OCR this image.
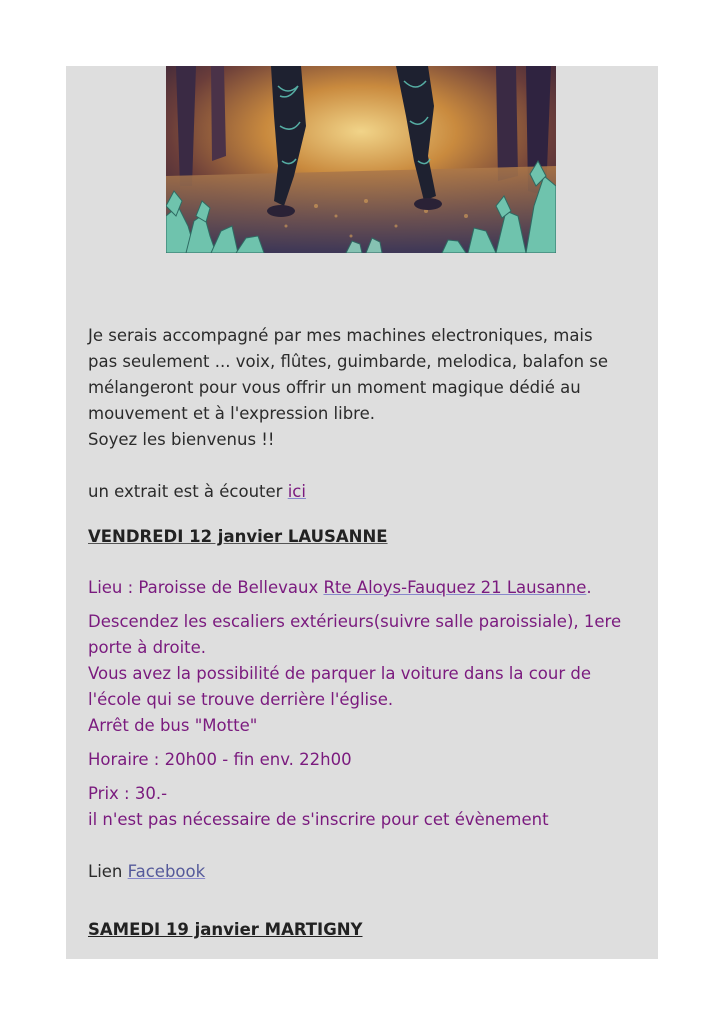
Je serais accompagné par mes machines electroniques, mais
pas seulement ... voix, flûtes, guimbarde, melodica, balafon se
mélangeront pour vous offrir un moment magique dédié au
mouvement et à l'expression libre.
Soyez les bienvenus !!

un extrait est à écouter ici

VENDREDI 12 janvier LAUSANNE

Lieu : Paroisse de Bellevaux Rte Aloys-Fauquez 21 Lausanne.

Descendez les escaliers extérieurs(suivre salle paroissiale), 1ere
porte à droite.
Vous avez la possibilité de parquer la voiture dans la cour de
l'école qui se trouve derrière l'église.
Arrêt de bus "Motte"

Horaire : 20h00 - fin env. 22h00

Prix : 30.-
il n'est pas nécessaire de s'inscrire pour cet évènement

Lien Facebook

SAMEDI 19 janvier MARTIGNY
